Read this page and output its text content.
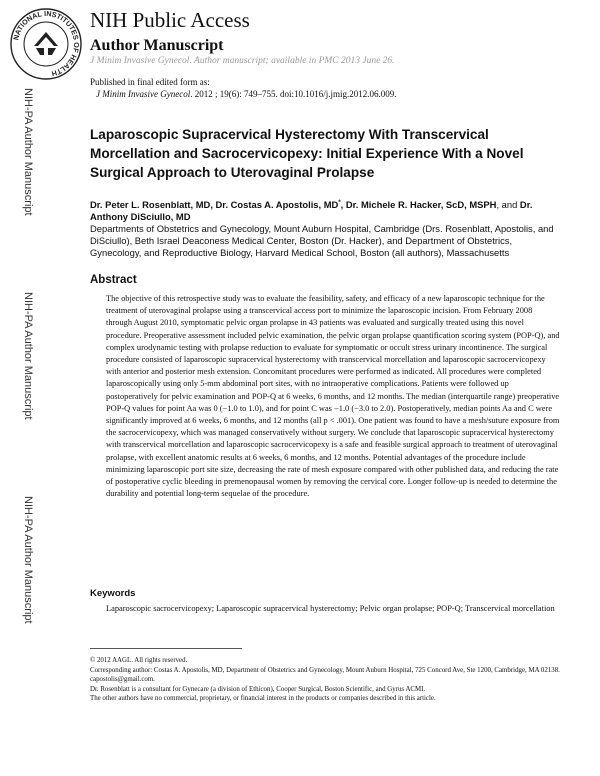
NATIONAL INSTITUTES OF HEALTH
NIH Public Access
Author Manuscript
J Minim Invasive Gynecol. Author manuscript; available in PMC 2013 June 26.
NIH-PA Author Manuscript
NIH-PA Author Manuscript
NIH-PA Author Manuscript
Published in final edited form as:
J Minim Invasive Gynecol. 2012 ; 19(6): 749–755. doi:10.1016/j.jmig.2012.06.009.
Laparoscopic Supracervical Hysterectomy With Transcervical Morcellation and Sacrocervicopexy: Initial Experience With a Novel Surgical Approach to Uterovaginal Prolapse
Dr. Peter L. Rosenblatt, MD, Dr. Costas A. Apostolis, MD*, Dr. Michele R. Hacker, ScD, MSPH, and Dr. Anthony DiSciullo, MD
Departments of Obstetrics and Gynecology, Mount Auburn Hospital, Cambridge (Drs. Rosenblatt, Apostolis, and DiSciullo), Beth Israel Deaconess Medical Center, Boston (Dr. Hacker), and Department of Obstetrics, Gynecology, and Reproductive Biology, Harvard Medical School, Boston (all authors), Massachusetts
Abstract
The objective of this retrospective study was to evaluate the feasibility, safety, and efficacy of a new laparoscopic technique for the treatment of uterovaginal prolapse using a transcervical access port to minimize the laparoscopic incision. From February 2008 through August 2010, symptomatic pelvic organ prolapse in 43 patients was evaluated and surgically treated using this novel procedure. Preoperative assessment included pelvic examination, the pelvic organ prolapse quantification scoring system (POP-Q), and complex urodynamic testing with prolapse reduction to evaluate for symptomatic or occult stress urinary incontinence. The surgical procedure consisted of laparoscopic supracervical hysterectomy with transcervical morcellation and laparoscopic sacrocervicopexy with anterior and posterior mesh extension. Concomitant procedures were performed as indicated. All procedures were completed laparoscopically using only 5-mm abdominal port sites, with no intraoperative complications. Patients were followed up postoperatively for pelvic examination and POP-Q at 6 weeks, 6 months, and 12 months. The median (interquartile range) preoperative POP-Q values for point Aa was 0 (−1.0 to 1.0), and for point C was −1.0 (−3.0 to 2.0). Postoperatively, median points Aa and C were significantly improved at 6 weeks, 6 months, and 12 months (all p < .001). One patient was found to have a mesh/suture exposure from the sacrocervicopexy, which was managed conservatively without surgery. We conclude that laparoscopic supracervical hysterectomy with transcervical morcellation and laparoscopic sacrocervicopexy is a safe and feasible surgical approach to treatment of uterovaginal prolapse, with excellent anatomic results at 6 weeks, 6 months, and 12 months. Potential advantages of the procedure include minimizing laparoscopic port site size, decreasing the rate of mesh exposure compared with other published data, and reducing the rate of postoperative cyclic bleeding in premenopausal women by removing the cervical core. Longer follow-up is needed to determine the durability and potential long-term sequelae of the procedure.
Keywords
Laparoscopic sacrocervicopexy; Laparoscopic supracervical hysterectomy; Pelvic organ prolapse; POP-Q; Transcervical morcellation

© 2012 AAGL. All rights reserved.

Corresponding author: Costas A. Apostolis, MD, Department of Obstetrics and Gynecology, Mount Auburn Hospital, 725 Concord Ave, Ste 1200, Cambridge, MA 02138. capostolis@gmail.com.

Dr. Rosenblatt is a consultant for Gynecare (a division of Ethicon), Cooper Surgical, Boston Scientific, and Gyrus ACMI.

The other authors have no commercial, proprietary, or financial interest in the products or companies described in this article.
